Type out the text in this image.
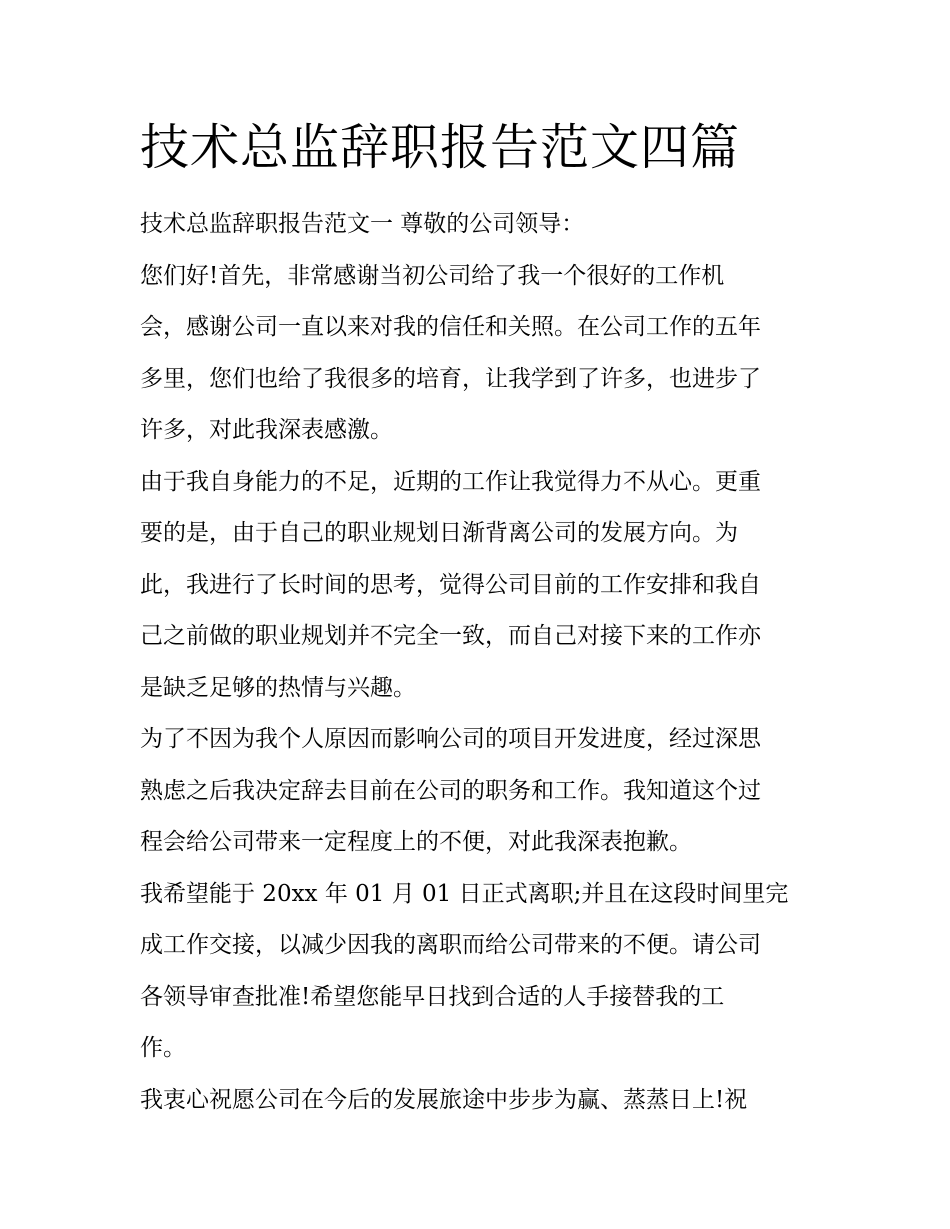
技术总监辞职报告范文四篇
技术总监辞职报告范文一 尊敬的公司领导：
您们好!首先，非常感谢当初公司给了我一个很好的工作机
会，感谢公司一直以来对我的信任和关照。在公司工作的五年
多里，您们也给了我很多的培育，让我学到了许多，也进步了
许多，对此我深表感激。
由于我自身能力的不足，近期的工作让我觉得力不从心。更重
要的是，由于自己的职业规划日渐背离公司的发展方向。为
此，我进行了长时间的思考，觉得公司目前的工作安排和我自
己之前做的职业规划并不完全一致，而自己对接下来的工作亦
是缺乏足够的热情与兴趣。
为了不因为我个人原因而影响公司的项目开发进度，经过深思
熟虑之后我决定辞去目前在公司的职务和工作。我知道这个过
程会给公司带来一定程度上的不便，对此我深表抱歉。
我希望能于 20xx 年 01 月 01 日正式离职;并且在这段时间里完
成工作交接，以减少因我的离职而给公司带来的不便。请公司
各领导审查批准!希望您能早日找到合适的人手接替我的工
作。
我衷心祝愿公司在今后的发展旅途中步步为赢、蒸蒸日上!祝
